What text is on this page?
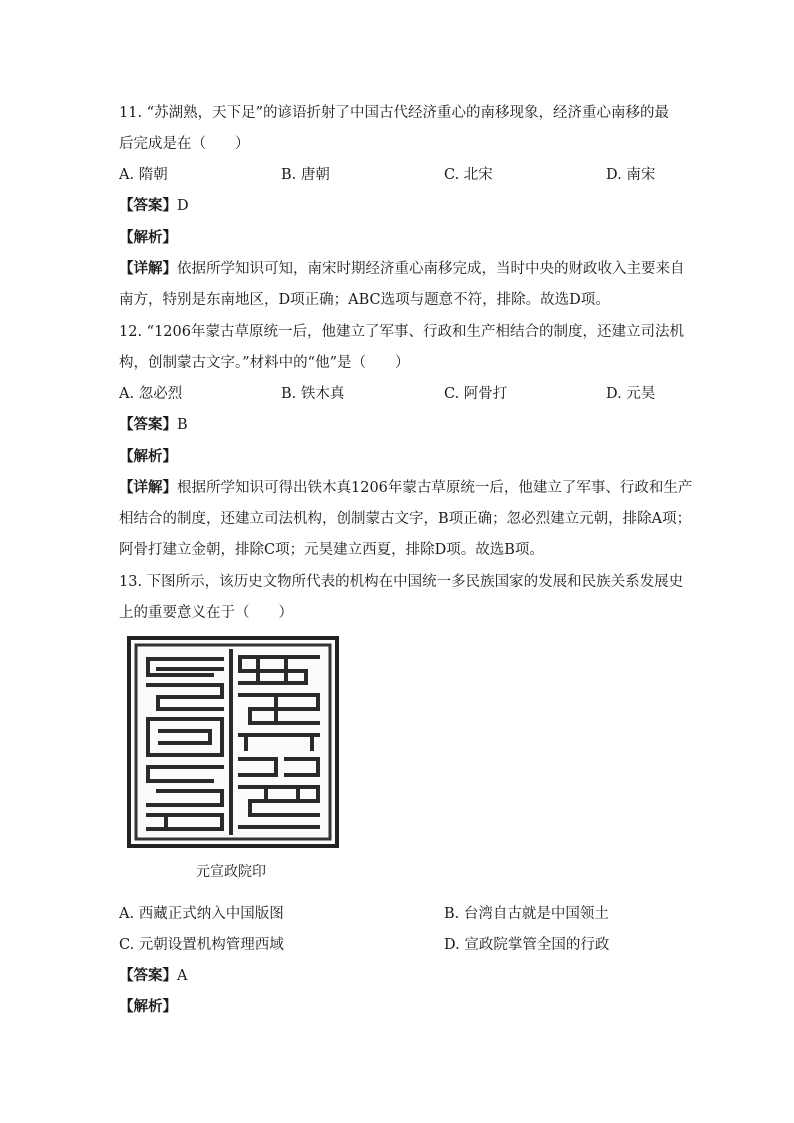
11. “苏湖熟，天下足”的谚语折射了中国古代经济重心的南移现象，经济重心南移的最
后完成是在（　　）
A. 隋朝	B. 唐朝	C. 北宋	D. 南宋
【答案】D
【解析】
【详解】依据所学知识可知，南宋时期经济重心南移完成，当时中央的财政收入主要来自
南方，特别是东南地区，D项正确；ABC选项与题意不符，排除。故选D项。
12. “1206年蒙古草原统一后，他建立了军事、行政和生产相结合的制度，还建立司法机
构，创制蒙古文字。”材料中的“他”是（　　）
A. 忽必烈	B. 铁木真	C. 阿骨打	D. 元昊
【答案】B
【解析】
【详解】根据所学知识可得出铁木真1206年蒙古草原统一后，他建立了军事、行政和生产
相结合的制度，还建立司法机构，创制蒙古文字，B项正确；忽必烈建立元朝，排除A项；
阿骨打建立金朝，排除C项；元昊建立西夏，排除D项。故选B项。
13. 下图所示，该历史文物所代表的机构在中国统一多民族国家的发展和民族关系发展史
上的重要意义在于（　　）
元宣政院印
A. 西藏正式纳入中国版图	B. 台湾自古就是中国领土
C. 元朝设置机构管理西域	D. 宣政院掌管全国的行政
【答案】A
【解析】
